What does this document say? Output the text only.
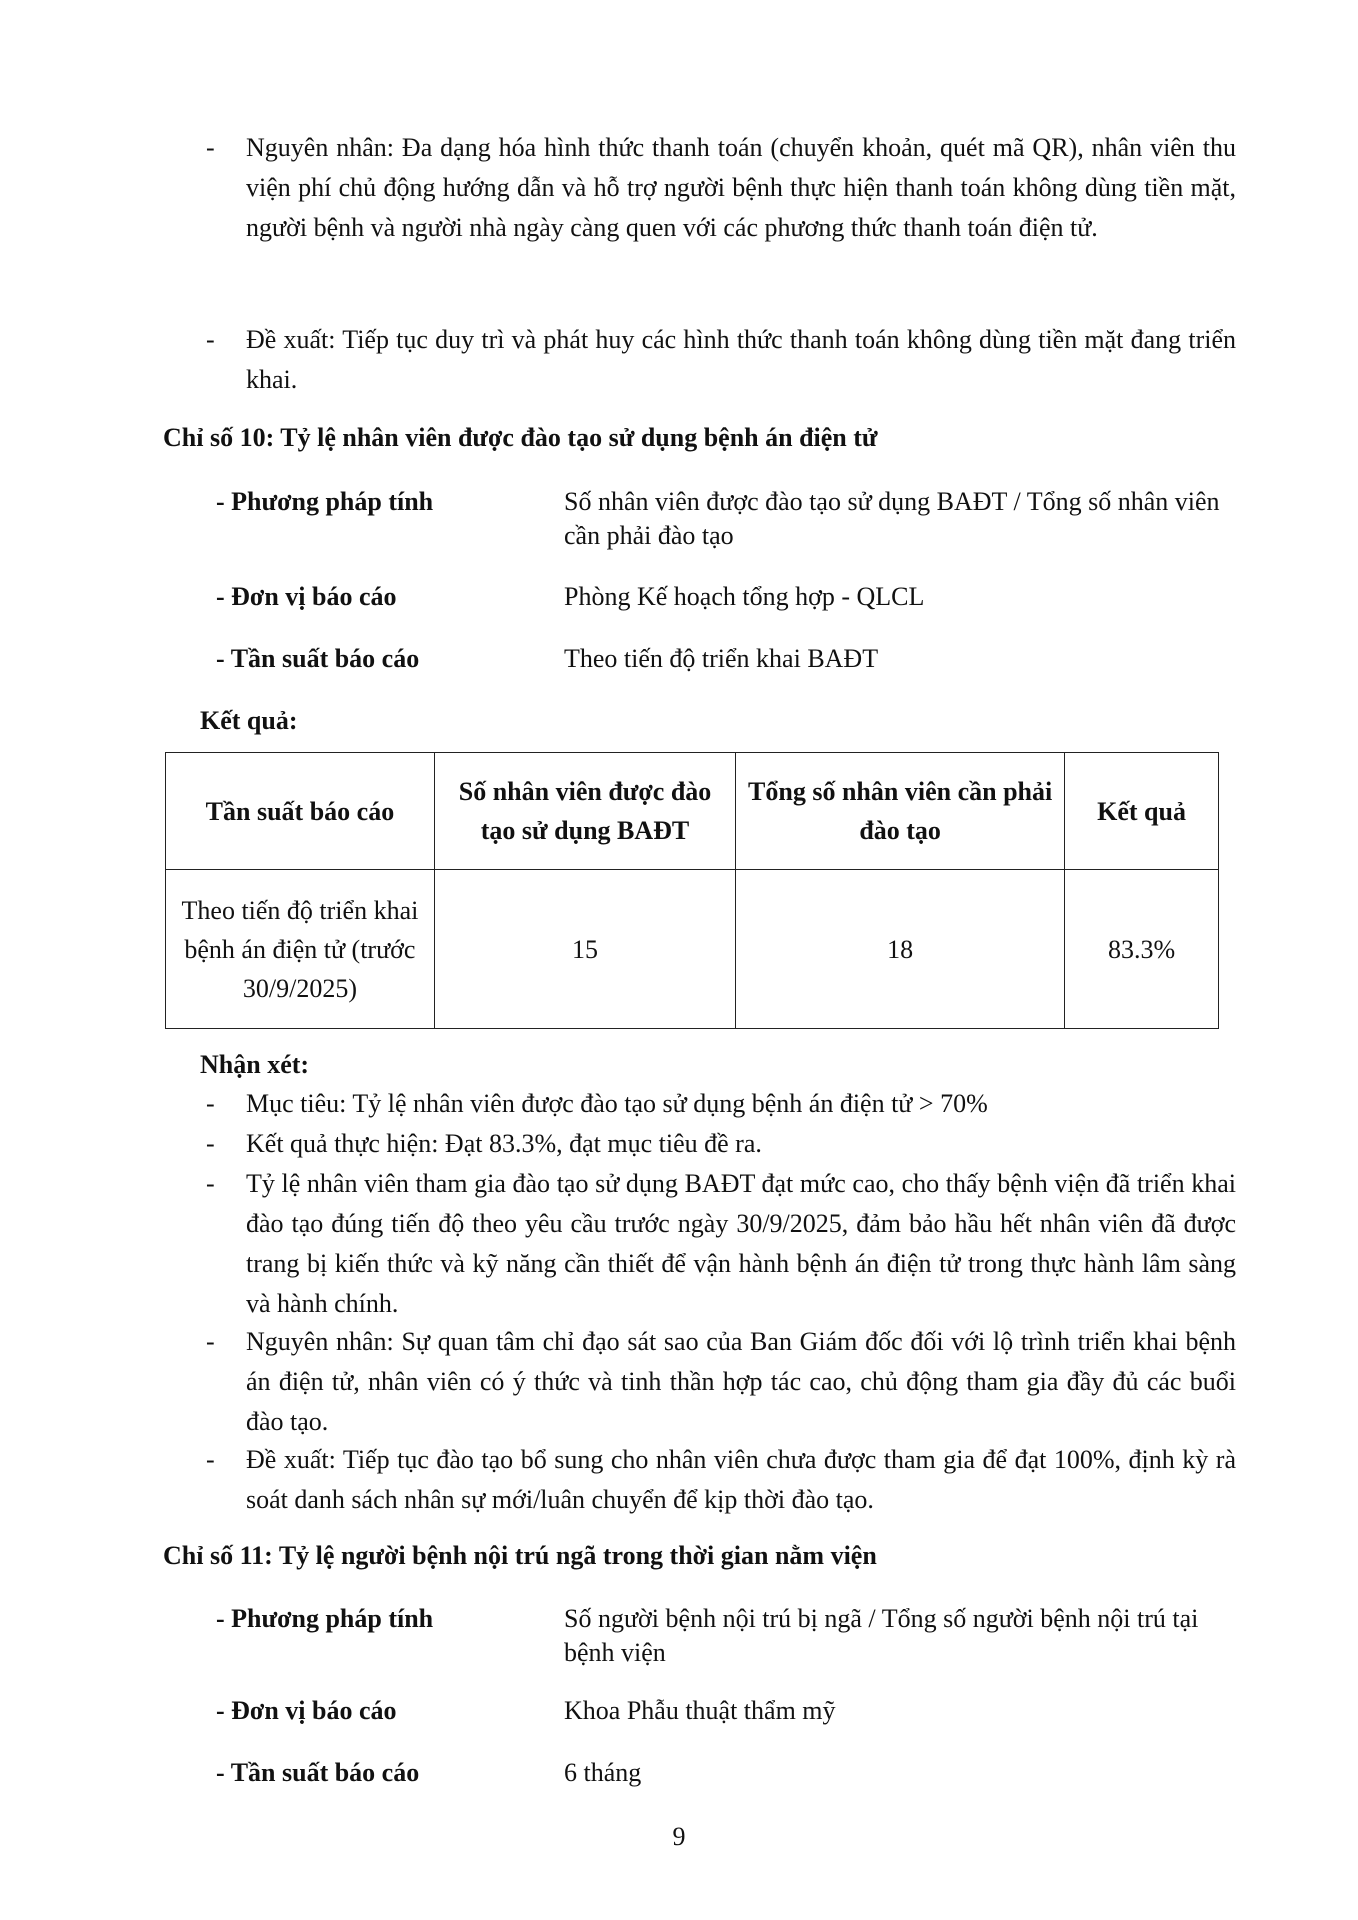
- Nguyên nhân: Đa dạng hóa hình thức thanh toán (chuyển khoản, quét mã QR), nhân viên thu viện phí chủ động hướng dẫn và hỗ trợ người bệnh thực hiện thanh toán không dùng tiền mặt, người bệnh và người nhà ngày càng quen với các phương thức thanh toán điện tử.
- Đề xuất: Tiếp tục duy trì và phát huy các hình thức thanh toán không dùng tiền mặt đang triển khai.
Chỉ số 10: Tỷ lệ nhân viên được đào tạo sử dụng bệnh án điện tử
- Phương pháp tính	Số nhân viên được đào tạo sử dụng BAĐT / Tổng số nhân viên cần phải đào tạo
- Đơn vị báo cáo	Phòng Kế hoạch tổng hợp - QLCL
- Tần suất báo cáo	Theo tiến độ triển khai BAĐT
Kết quả:
Tần suất báo cáo	Số nhân viên được đào tạo sử dụng BAĐT	Tổng số nhân viên cần phải đào tạo	Kết quả
Theo tiến độ triển khai bệnh án điện tử (trước 30/9/2025)	15	18	83.3%
Nhận xét:
- Mục tiêu: Tỷ lệ nhân viên được đào tạo sử dụng bệnh án điện tử > 70%
- Kết quả thực hiện: Đạt 83.3%, đạt mục tiêu đề ra.
- Tỷ lệ nhân viên tham gia đào tạo sử dụng BAĐT đạt mức cao, cho thấy bệnh viện đã triển khai đào tạo đúng tiến độ theo yêu cầu trước ngày 30/9/2025, đảm bảo hầu hết nhân viên đã được trang bị kiến thức và kỹ năng cần thiết để vận hành bệnh án điện tử trong thực hành lâm sàng và hành chính.
- Nguyên nhân: Sự quan tâm chỉ đạo sát sao của Ban Giám đốc đối với lộ trình triển khai bệnh án điện tử, nhân viên có ý thức và tinh thần hợp tác cao, chủ động tham gia đầy đủ các buổi đào tạo.
- Đề xuất: Tiếp tục đào tạo bổ sung cho nhân viên chưa được tham gia để đạt 100%, định kỳ rà soát danh sách nhân sự mới/luân chuyển để kịp thời đào tạo.
Chỉ số 11: Tỷ lệ người bệnh nội trú ngã trong thời gian nằm viện
- Phương pháp tính	Số người bệnh nội trú bị ngã / Tổng số người bệnh nội trú tại bệnh viện
- Đơn vị báo cáo	Khoa Phẫu thuật thẩm mỹ
- Tần suất báo cáo	6 tháng
9
